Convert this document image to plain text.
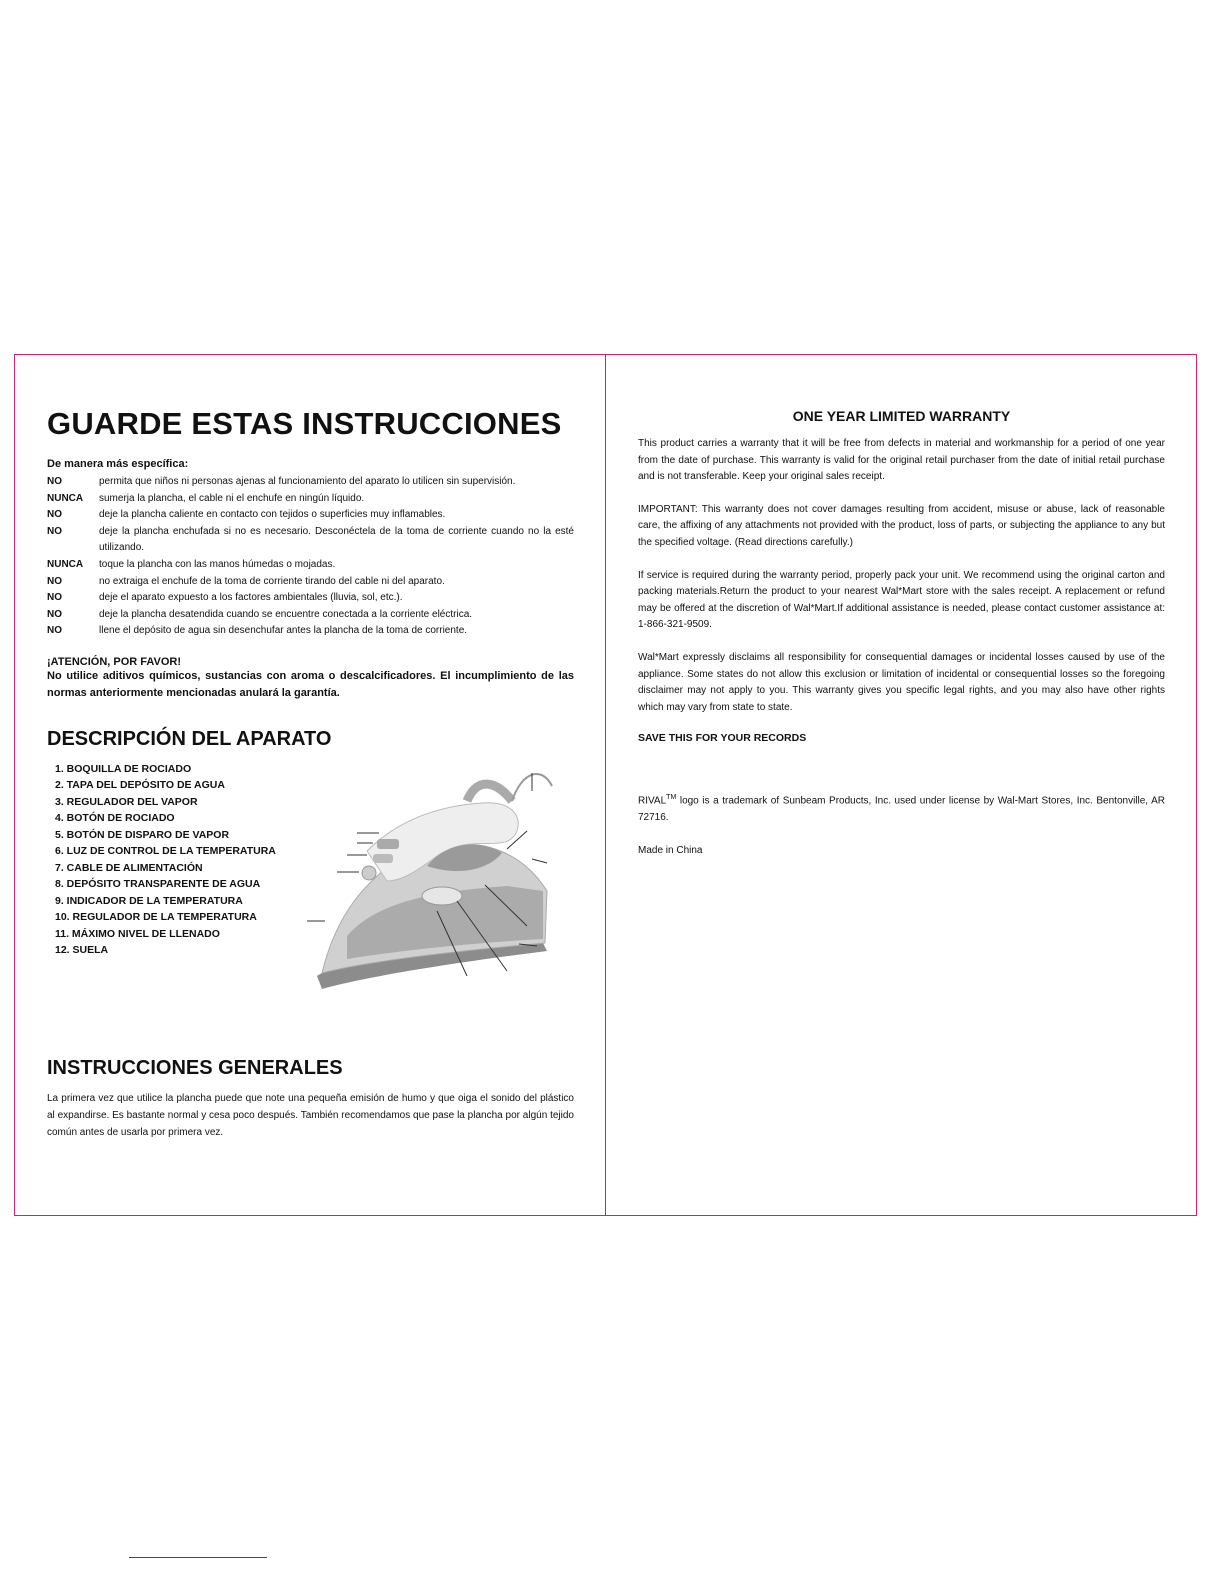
GUARDE ESTAS INSTRUCCIONES
De manera más específica:
NO	permita que niños ni personas ajenas al funcionamiento del aparato lo utilicen sin supervisión.
NUNCA	sumerja la plancha, el cable ni el enchufe en ningún líquido.
NO	deje la plancha caliente en contacto con tejidos o superficies muy inflamables.
NO	deje la plancha enchufada si no es necesario. Desconéctela de la toma de corriente cuando no la esté utilizando.
NUNCA	toque la plancha con las manos húmedas o mojadas.
NO	no extraiga el enchufe de la toma de corriente tirando del cable ni del aparato.
NO	deje el aparato expuesto a los factores ambientales (lluvia, sol, etc.).
NO	deje la plancha desatendida cuando se encuentre conectada a la corriente eléctrica.
NO	llene el depósito de agua sin desenchufar antes la plancha de la toma de corriente.
¡ATENCIÓN, POR FAVOR!
No utilice aditivos químicos, sustancias con aroma o descalcificadores. El incumplimiento de las normas anteriormente mencionadas anulará la garantía.
DESCRIPCIÓN DEL APARATO
1. BOQUILLA DE ROCIADO
2. TAPA DEL DEPÓSITO DE AGUA
3. REGULADOR DEL VAPOR
4. BOTÓN DE ROCIADO
5. BOTÓN DE DISPARO DE VAPOR
6. LUZ DE CONTROL DE LA TEMPERATURA
7. CABLE DE ALIMENTACIÓN
8. DEPÓSITO TRANSPARENTE DE AGUA
9. INDICADOR DE LA TEMPERATURA
10. REGULADOR DE LA TEMPERATURA
11. MÁXIMO NIVEL DE LLENADO
12. SUELA
INSTRUCCIONES GENERALES
La primera vez que utilice la plancha puede que note una pequeña emisión de humo y que oiga el sonido del plástico al expandirse. Es bastante normal y cesa poco después. También recomendamos que pase la plancha por algún tejido común antes de usarla por primera vez.
ONE YEAR LIMITED WARRANTY

This product carries a warranty that it will be free from defects in material and workmanship for a period of one year from the date of purchase. This warranty is valid for the original retail purchaser from the date of initial retail purchase and is not transferable. Keep your original sales receipt.

IMPORTANT: This warranty does not cover damages resulting from accident, misuse or abuse, lack of reasonable care, the affixing of any attachments not provided with the product, loss of parts, or subjecting the appliance to any but the specified voltage. (Read directions carefully.)

If service is required during the warranty period, properly pack your unit. We recommend using the original carton and packing materials.Return the product to your nearest Wal*Mart store with the sales receipt. A replacement or refund may be offered at the discretion of Wal*Mart.If additional assistance is needed, please contact customer assistance at: 1-866-321-9509.

Wal*Mart expressly disclaims all responsibility for consequential damages or incidental losses caused by use of the appliance. Some states do not allow this exclusion or limitation of incidental or consequential losses so the foregoing disclaimer may not apply to you. This warranty gives you specific legal rights, and you may also have other rights which may vary from state to state.

SAVE THIS FOR YOUR RECORDS

RIVAL™ logo is a trademark of Sunbeam Products, Inc. used under license by Wal-Mart Stores, Inc. Bentonville, AR 72716.

Made in China
